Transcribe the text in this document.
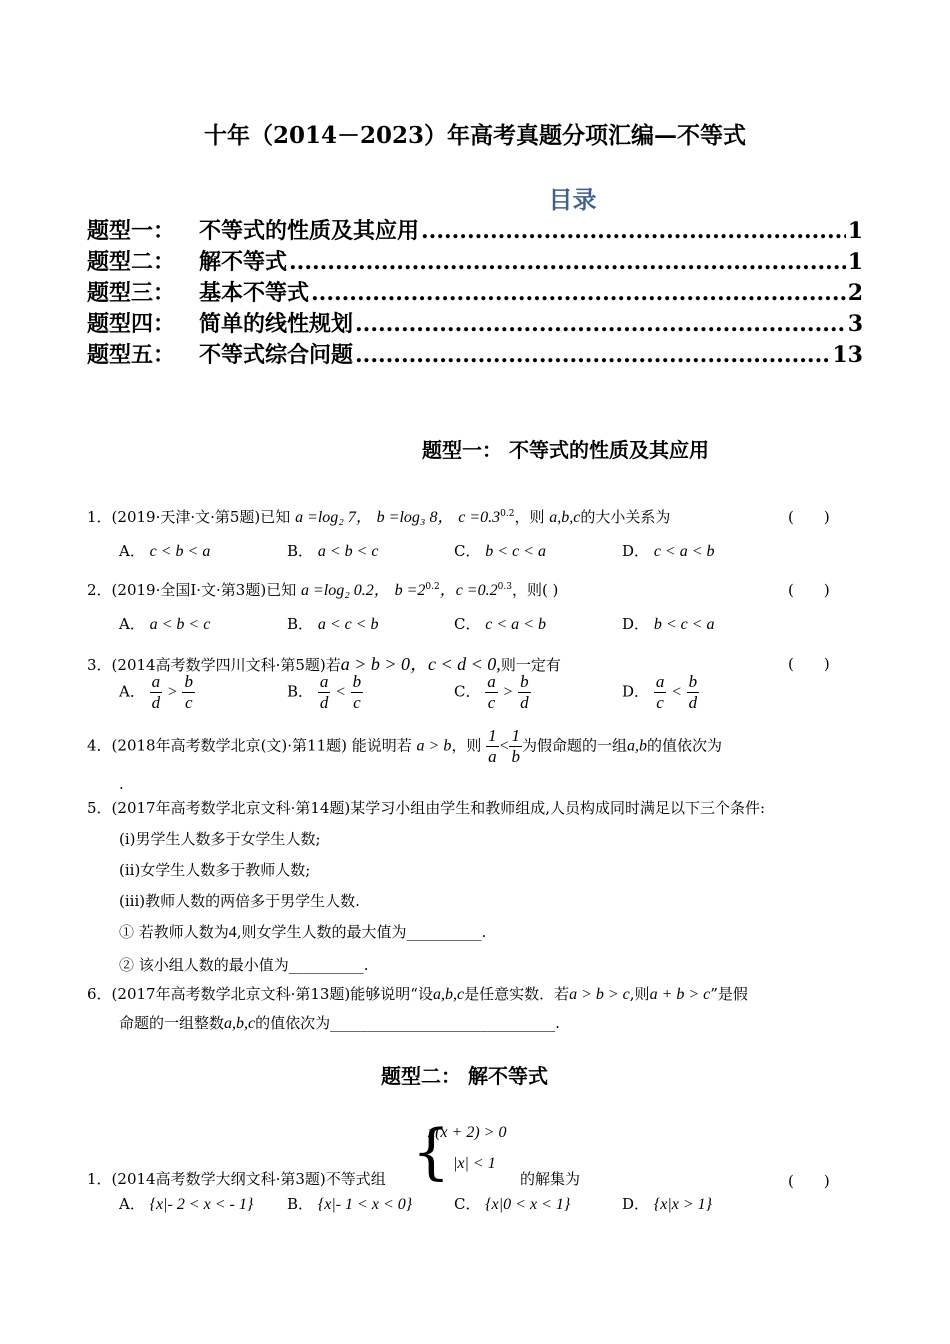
十年（2014－2023）年高考真题分项汇编—不等式
目录
题型一：	不等式的性质及其应用 .....	1
题型二：	解不等式 .....	1
题型三：	基本不等式 .....	2
题型四：	简单的线性规划 .....	3
题型五：	不等式综合问题 .....	13
题型一： 不等式的性质及其应用
1．(2019·天津·文·第5题)已知 a =log₂ 7， b =log₃ 8， $c =0.3^{0.2}$，则 a,b,c的大小关系为	(　　)
A． c < b < a	B． a < b < c	C． b < c < a	D． c < a < b
2．(2019·全国Ⅰ·文·第3题)已知 a =log₂ 0.2， $b =2^{0.2}$，$c =0.2^{0.3}$，则( )	(　　)
A． a < b < c	B． a < c < b	C． c < a < b	D． b < c < a
3．(2014高考数学四川文科·第5题)若a > b > 0，c < d < 0,则一定有	(　　)
A． $\frac{a}{d} > \frac{b}{c}$	B． $\frac{a}{d} < \frac{b}{c}$	C． $\frac{a}{c} > \frac{b}{d}$	D． $\frac{a}{c} < \frac{b}{d}$
4．(2018年高考数学北京(文)·第11题) 能说明若 a > b，则 $\frac{1}{a} < \frac{1}{b}$ 为假命题的一组a,b的值依次为
.
5．(2017年高考数学北京文科·第14题)某学习小组由学生和教师组成,人员构成同时满足以下三个条件:
(i)男学生人数多于女学生人数;
(ii)女学生人数多于教师人数;
(iii)教师人数的两倍多于男学生人数.
① 若教师人数为4,则女学生人数的最大值为__________.
② 该小组人数的最小值为__________.
6．(2017年高考数学北京文科·第13题)能够说明“设a,b,c是任意实数．若a > b > c,则a + b > c”是假
命题的一组整数a,b,c的值依次为______________________________.
题型二： 解不等式
{
x(x + 2) > 0
|x| < 1
1．(2014高考数学大纲文科·第3题)不等式组	的解集为	(　　)
A． {x|- 2 < x < - 1} B． {x|- 1 < x < 0}	C． {x|0 < x < 1}	D． {x|x > 1}
